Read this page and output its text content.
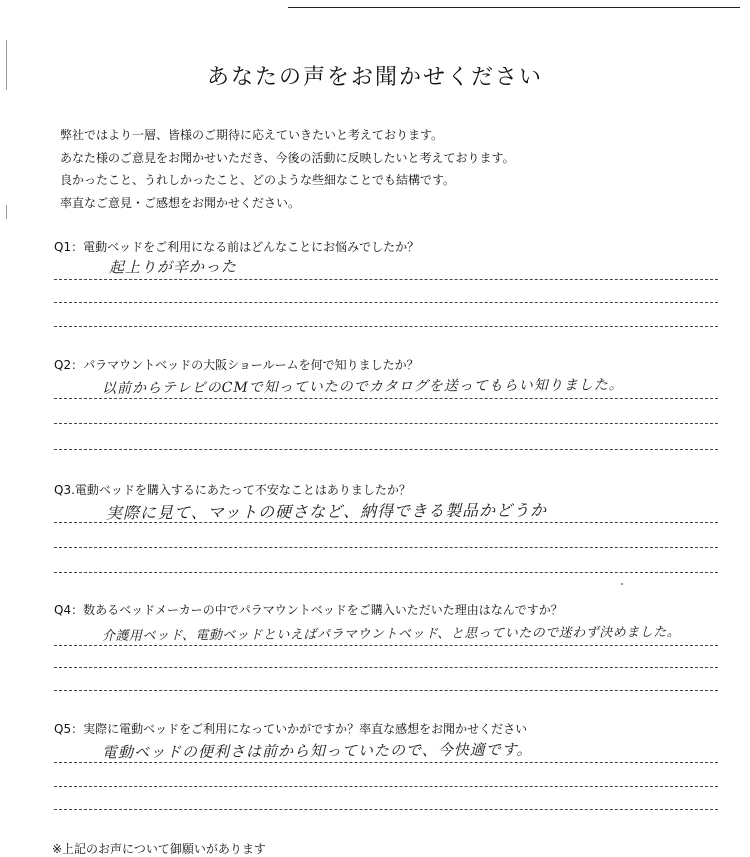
あなたの声をお聞かせください
弊社ではより一層、皆様のご期待に応えていきたいと考えております。
あなた様のご意見をお聞かせいただき、今後の活動に反映したいと考えております。
良かったこと、うれしかったこと、どのような些細なことでも結構です。
率直なご意見・ご感想をお聞かせください。
Q1：電動ベッドをご利用になる前はどんなことにお悩みでしたか？
起上りが辛かった
Q2：パラマウントベッドの大阪ショールームを何で知りましたか？
以前からテレビのCMで知っていたのでカタログを送ってもらい知りました。
Q3.電動ベッドを購入するにあたって不安なことはありましたか？
実際に見て、マットの硬さなど、納得できる製品かどうか
Q4：数あるベッドメーカーの中でパラマウントベッドをご購入いただいた理由はなんですか？
介護用ベッド、電動ベッドといえばパラマウントベッド、と思っていたので迷わず決めました。
Q5：実際に電動ベッドをご利用になっていかがですか？率直な感想をお聞かせください
電動ベッドの便利さは前から知っていたので、今快適です。
※上記のお声について御願いがあります
